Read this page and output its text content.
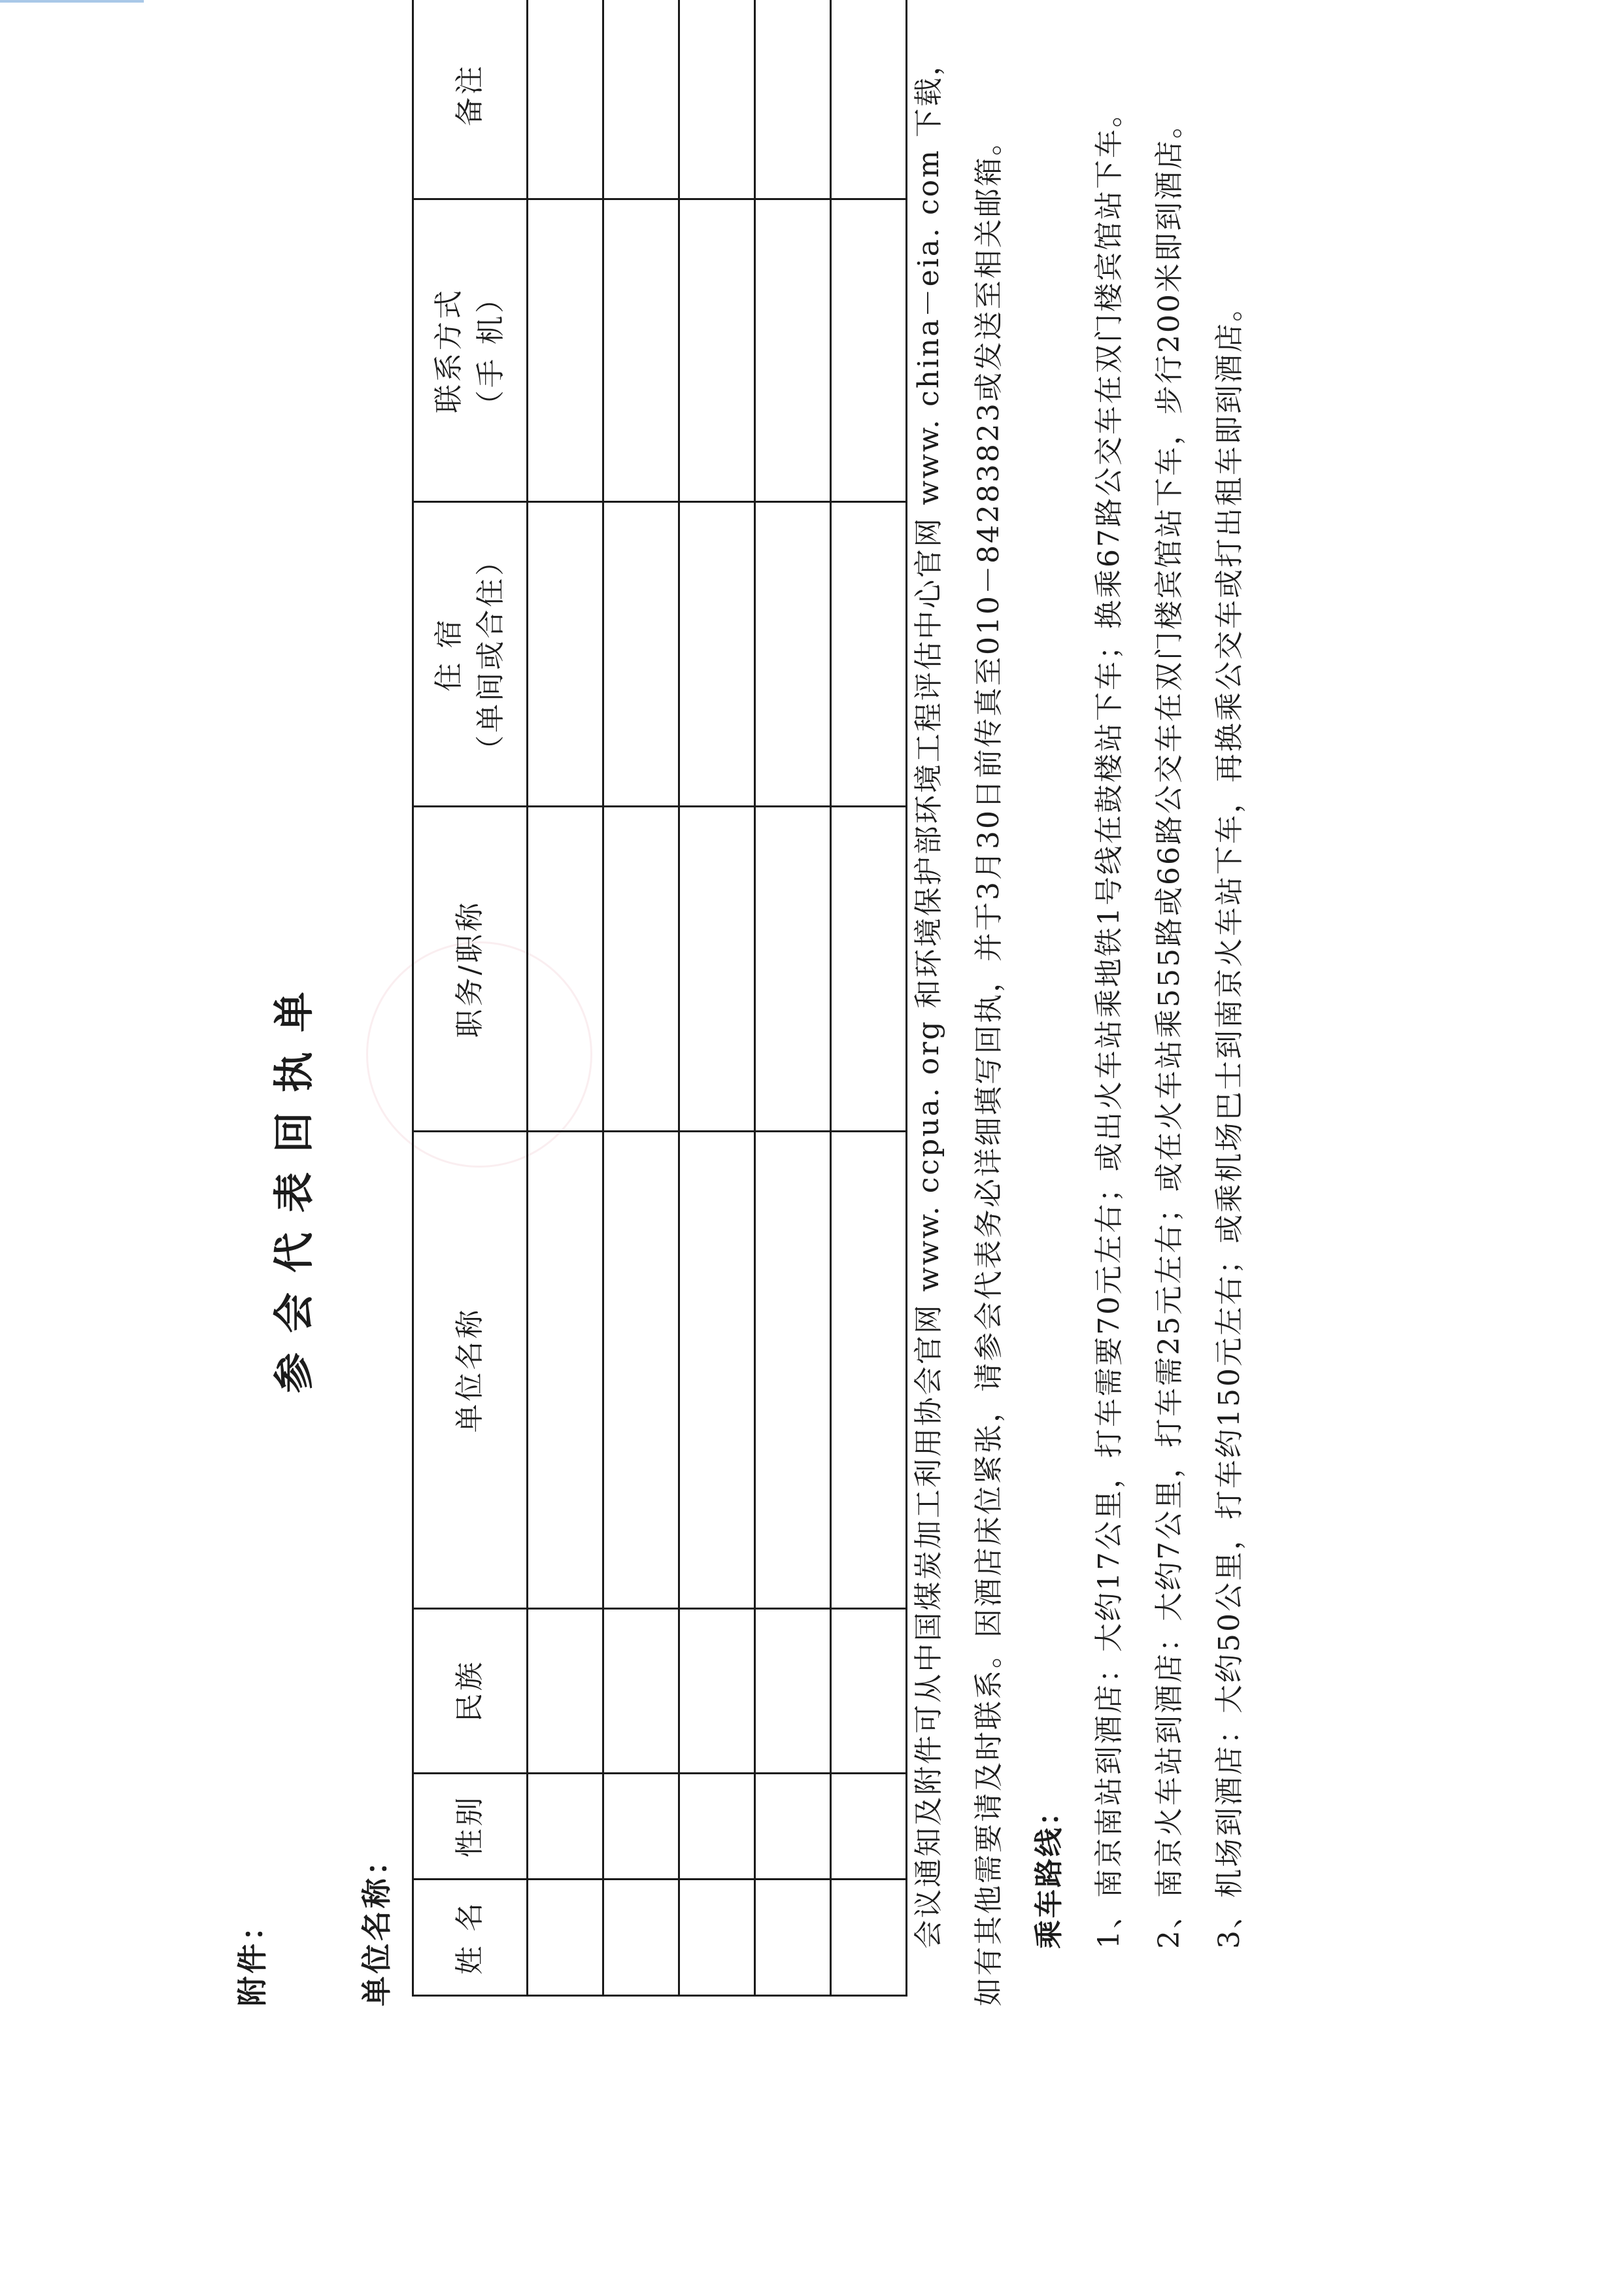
附件：
参会代表回执单
单位名称： 姓 名	性别	民族	单位名称	职务/职称	住 宿 （单间或合住）	联系方式 （手 机）	备注

								会议通知及附件可从中国煤炭加工利用协会官网 www. ccpua. org 和环境保护部环境工程评估中心官网 www. china－eia. com 下载，如有其他需要请及时联系。因酒店床位紧张，请参会代表务必详细填写回执，并于3月30日前传真至010－84283823或发送至相关邮箱。 乘车路线： 1、南京南站到酒店：大约17公里，打车需要70元左右；或出火车站乘地铁1号线在鼓楼站下车；换乘67路公交车在双门楼宾馆站下车。 2、南京火车站到酒店：大约7公里，打车需25元左右；或在火车站乘555路或66路公交车在双门楼宾馆站下车，步行200米即到酒店。 3、机场到酒店：大约50公里，打车约150元左右；或乘机场巴士到南京火车站下车，再换乘公交车或打出租车即到酒店。
